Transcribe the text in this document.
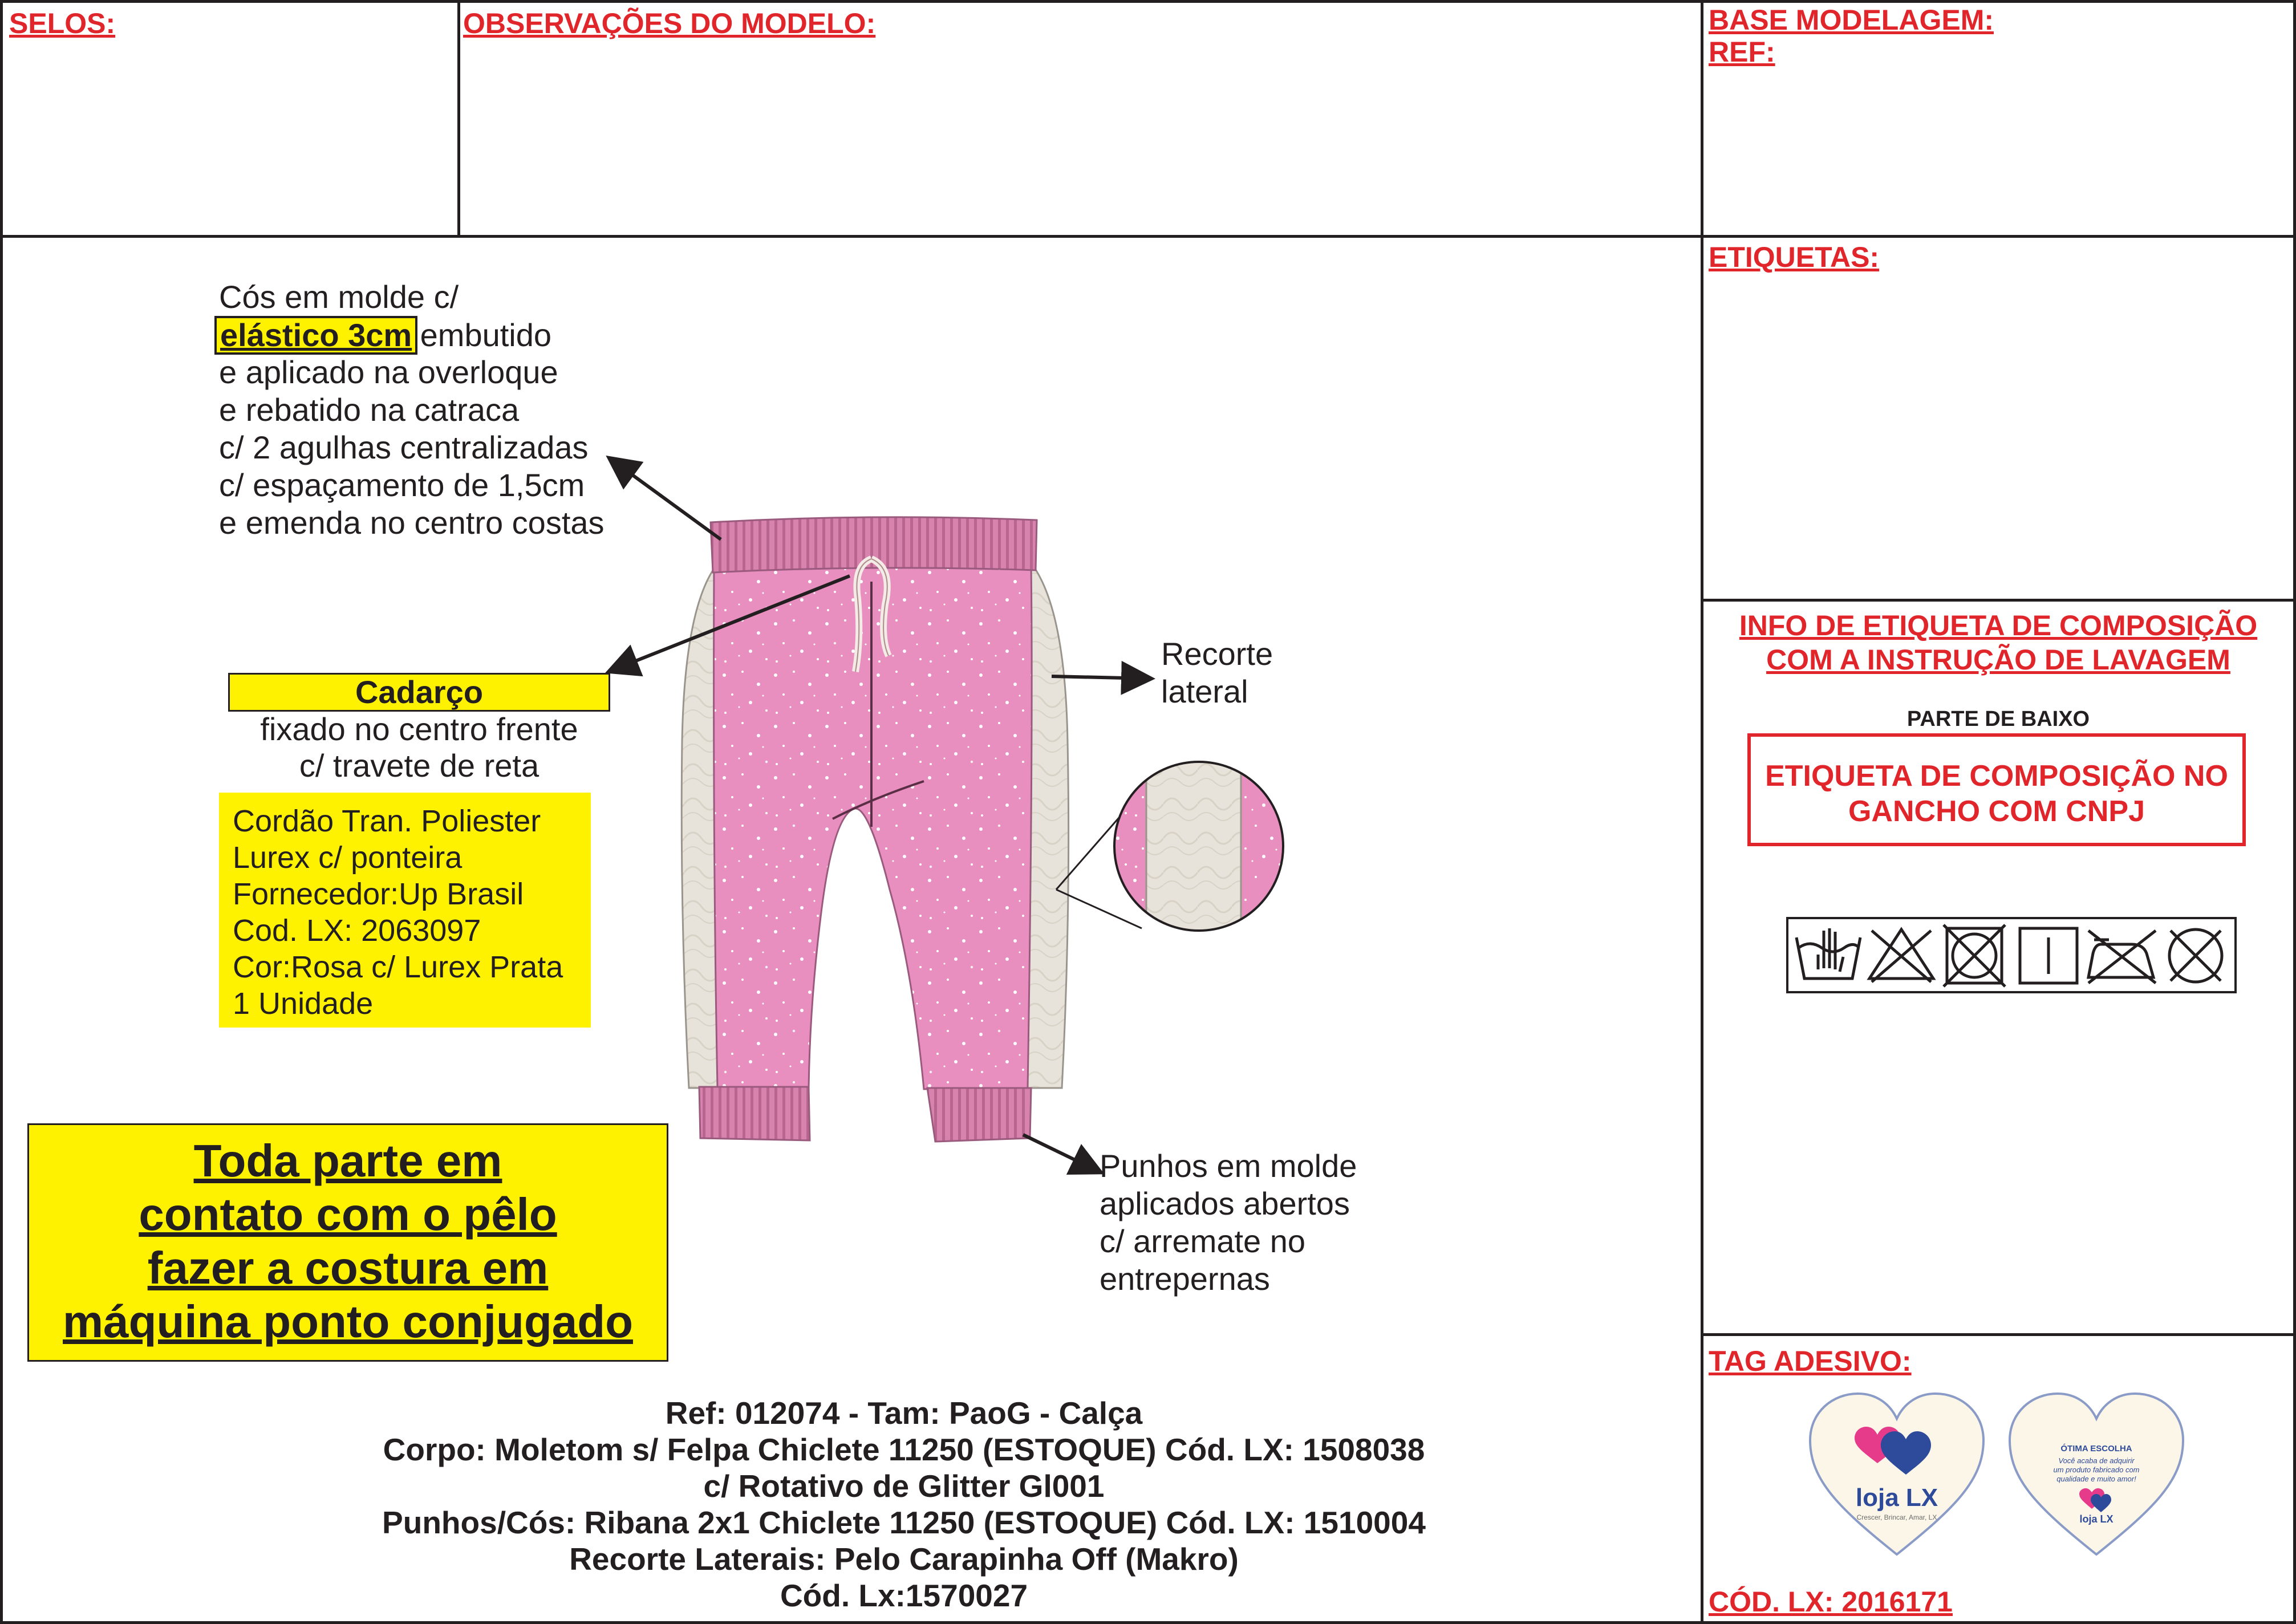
SELOS:	OBSERVAÇÕES DO MODELO:	BASE MODELAGEM:
REF:
ETIQUETAS:
INFO DE ETIQUETA DE COMPOSIÇÃO
COM A INSTRUÇÃO DE LAVAGEM
PARTE DE BAIXO
ETIQUETA DE COMPOSIÇÃO NO
GANCHO COM CNPJ
TAG ADESIVO:
loja LX
Crescer, Brincar, Amar, LX
ÓTIMA ESCOLHA
Você acaba de adquirir
um produto fabricado com
qualidade e muito amor!
loja LX
CÓD. LX: 2016171
Cós em molde c/
elástico 3cm embutido
e aplicado na overloque
e rebatido na catraca
c/ 2 agulhas centralizadas
c/ espaçamento de 1,5cm
e emenda no centro costas
Cadarço
fixado no centro frente
c/ travete de reta
Cordão Tran. Poliester
Lurex c/ ponteira
Fornecedor:Up Brasil
Cod. LX: 2063097
Cor:Rosa c/ Lurex Prata
1 Unidade
Recorte
lateral
Punhos em molde
aplicados abertos
c/ arremate no
entrepernas
Toda parte em
contato com o pêlo
fazer a costura em
máquina ponto conjugado
Ref: 012074 - Tam: PaoG - Calça
Corpo: Moletom s/ Felpa Chiclete 11250 (ESTOQUE) Cód. LX: 1508038
c/ Rotativo de Glitter Gl001
Punhos/Cós: Ribana 2x1 Chiclete 11250 (ESTOQUE) Cód. LX: 1510004
Recorte Laterais: Pelo Carapinha Off (Makro)
Cód. Lx:1570027
